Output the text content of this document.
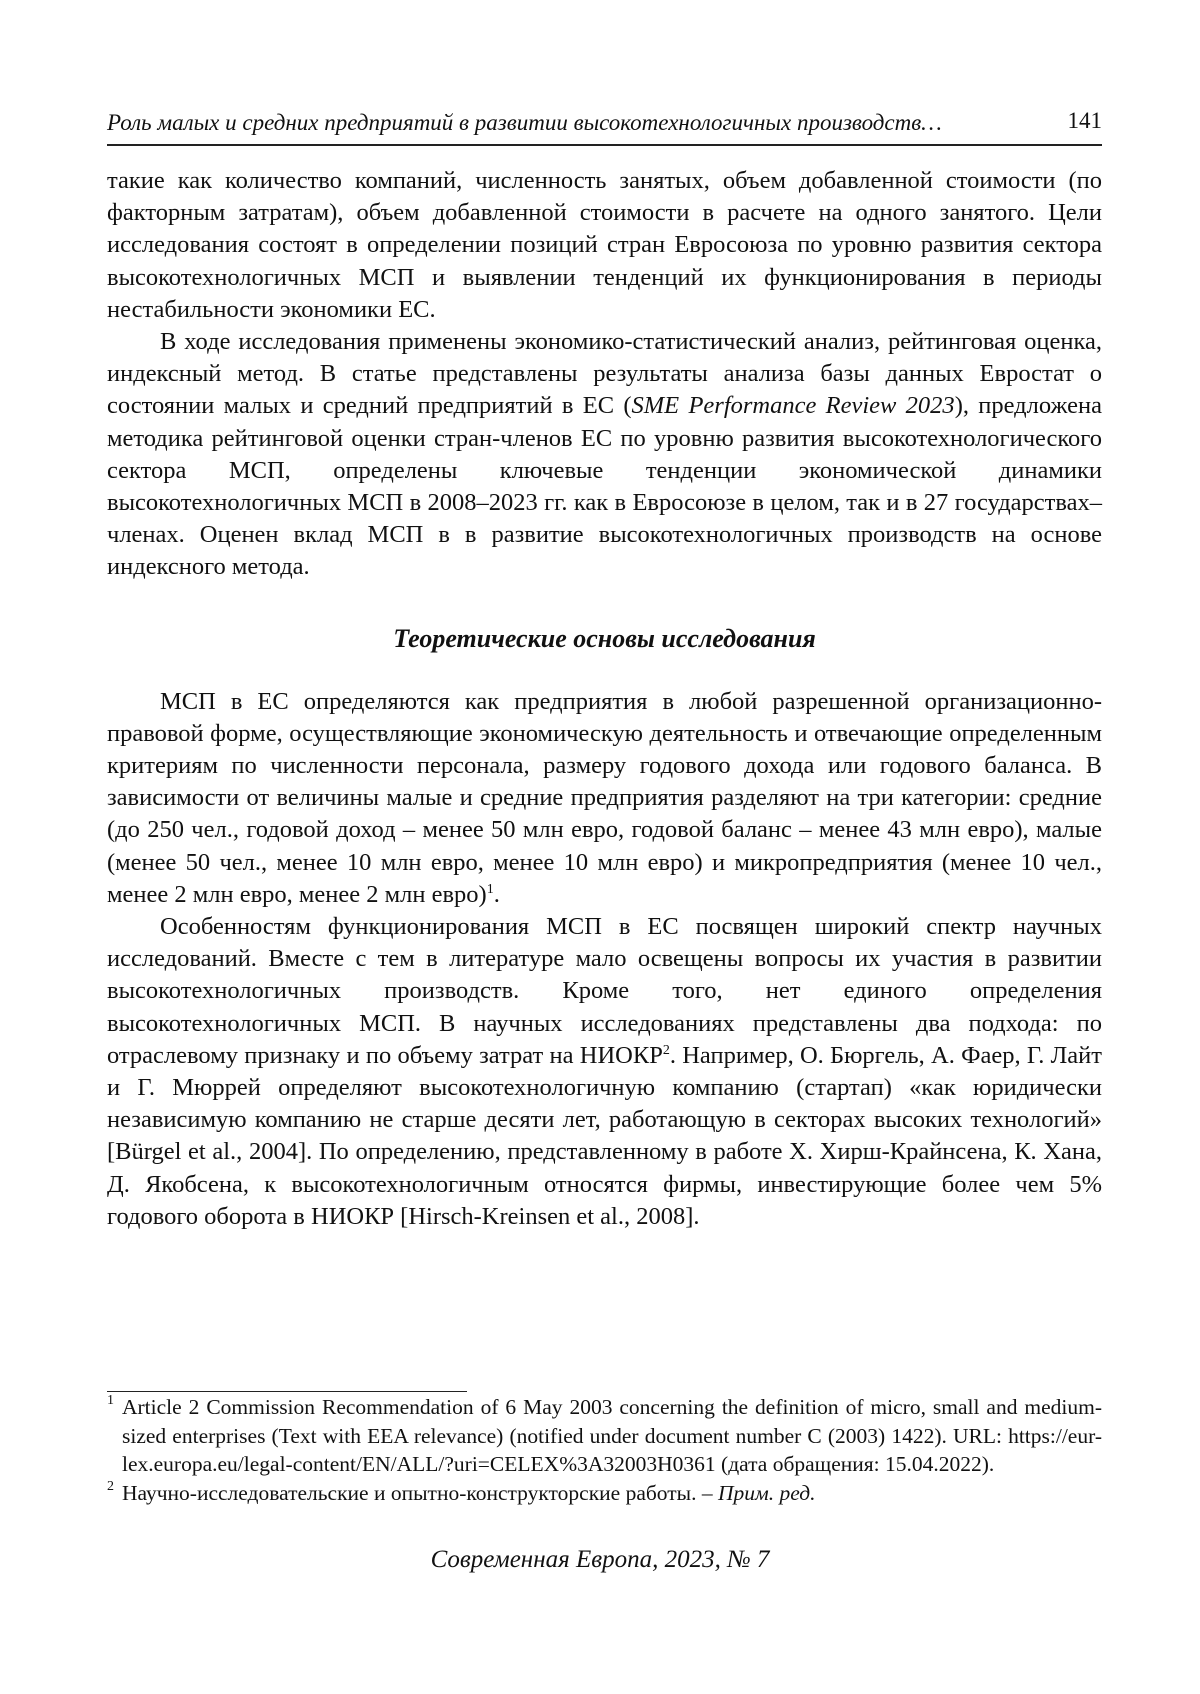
Роль малых и средних предприятий в развитии высокотехнологичных производств…	141

такие как количество компаний, численность занятых, объем добавленной стоимости (по факторным затратам), объем добавленной стоимости в расчете на одного занятого. Цели исследования состоят в определении позиций стран Евросоюза по уровню развития сектора высокотехнологичных МСП и выявлении тенденций их функционирования в периоды нестабильности экономики ЕС.

В ходе исследования применены экономико-статистический анализ, рейтинговая оценка, индексный метод. В статье представлены результаты анализа базы данных Евростат о состоянии малых и средний предприятий в ЕС (SME Performance Review 2023), предложена методика рейтинговой оценки стран-членов ЕС по уровню развития высокотехнологического сектора МСП, определены ключевые тенденции экономической динамики высокотехнологичных МСП в 2008–2023 гг. как в Евросоюзе в целом, так и в 27 государствах–членах. Оценен вклад МСП в в развитие высокотехнологичных производств на основе индексного метода.

Теоретические основы исследования

МСП в ЕС определяются как предприятия в любой разрешенной организационно-правовой форме, осуществляющие экономическую деятельность и отвечающие определенным критериям по численности персонала, размеру годового дохода или годового баланса. В зависимости от величины малые и средние предприятия разделяют на три категории: средние (до 250 чел., годовой доход – менее 50 млн евро, годовой баланс – менее 43 млн евро), малые (менее 50 чел., менее 10 млн евро, менее 10 млн евро) и микропредприятия (менее 10 чел., менее 2 млн евро, менее 2 млн евро)$^1$.

Особенностям функционирования МСП в ЕС посвящен широкий спектр научных исследований. Вместе с тем в литературе мало освещены вопросы их участия в развитии высокотехнологичных производств. Кроме того, нет единого определения высокотехнологичных МСП. В научных исследованиях представлены два подхода: по отраслевому признаку и по объему затрат на НИОКР$^2$. Например, О. Бюргель, А. Фаер, Г. Лайт и Г. Мюррей определяют высокотехнологичную компанию (стартап) «как юридически независимую компанию не старше десяти лет, работающую в секторах высоких технологий» [Bürgel et al., 2004]. По определению, представленному в работе Х. Хирш-Крайнсена, К. Хана, Д. Якобсена, к высокотехнологичным относятся фирмы, инвестирующие более чем 5% годового оборота в НИОКР [Hirsch-Kreinsen et al., 2008].

1 Article 2 Commission Recommendation of 6 May 2003 concerning the definition of micro, small and medium-sized enterprises (Text with EEA relevance) (notified under document number C (2003) 1422). URL: https://eur-lex.europa.eu/legal-content/EN/ALL/?uri=CELEX%3A32003H0361 (дата обращения: 15.04.2022).

2 Научно-исследовательские и опытно-конструкторские работы. – Прим. ред.

Современная Европа, 2023, № 7
